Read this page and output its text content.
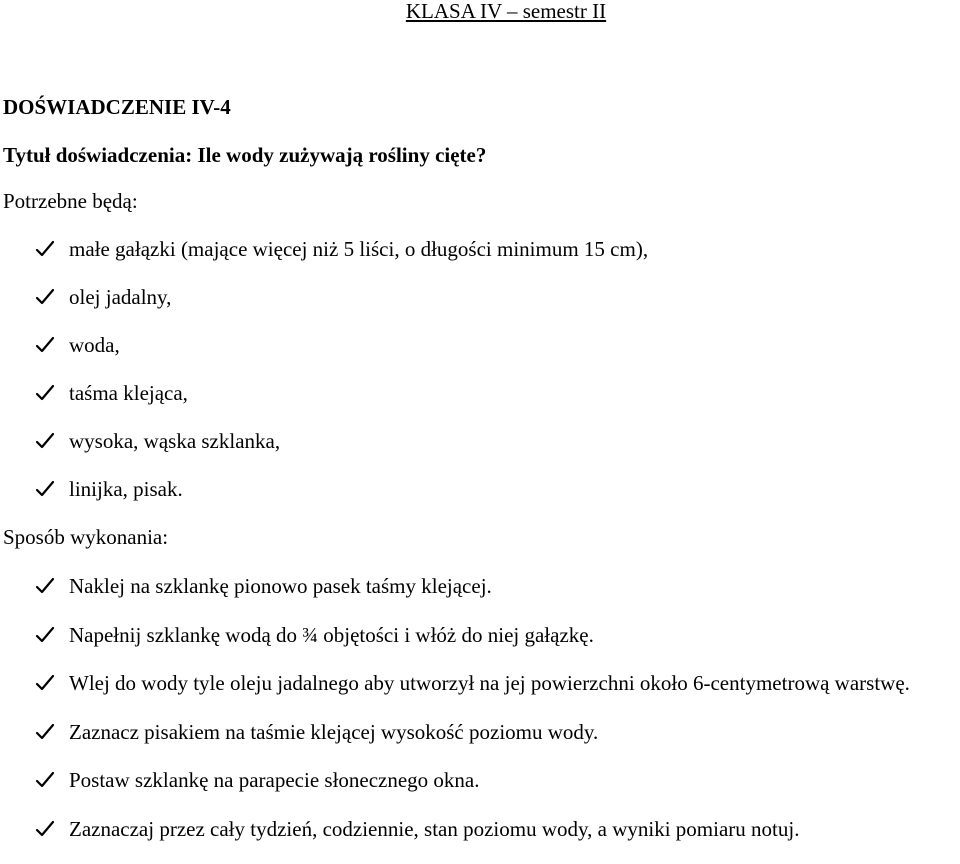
KLASA IV – semestr II
DOŚWIADCZENIE IV-4
Tytuł doświadczenia: Ile wody zużywają rośliny cięte?
Potrzebne będą:
małe gałązki (mające więcej niż 5 liści, o długości minimum 15 cm),
olej jadalny,
woda,
taśma klejąca,
wysoka, wąska szklanka,
linijka, pisak.
Sposób wykonania:
Naklej na szklankę pionowo pasek taśmy klejącej.
Napełnij szklankę wodą do ¾ objętości i włóż do niej gałązkę.
Wlej do wody tyle oleju jadalnego aby utworzył na jej powierzchni około 6-centymetrową warstwę.
Zaznacz pisakiem na taśmie klejącej wysokość poziomu wody.
Postaw szklankę na parapecie słonecznego okna.
Zaznaczaj przez cały tydzień, codziennie, stan poziomu wody, a wyniki pomiaru notuj.
